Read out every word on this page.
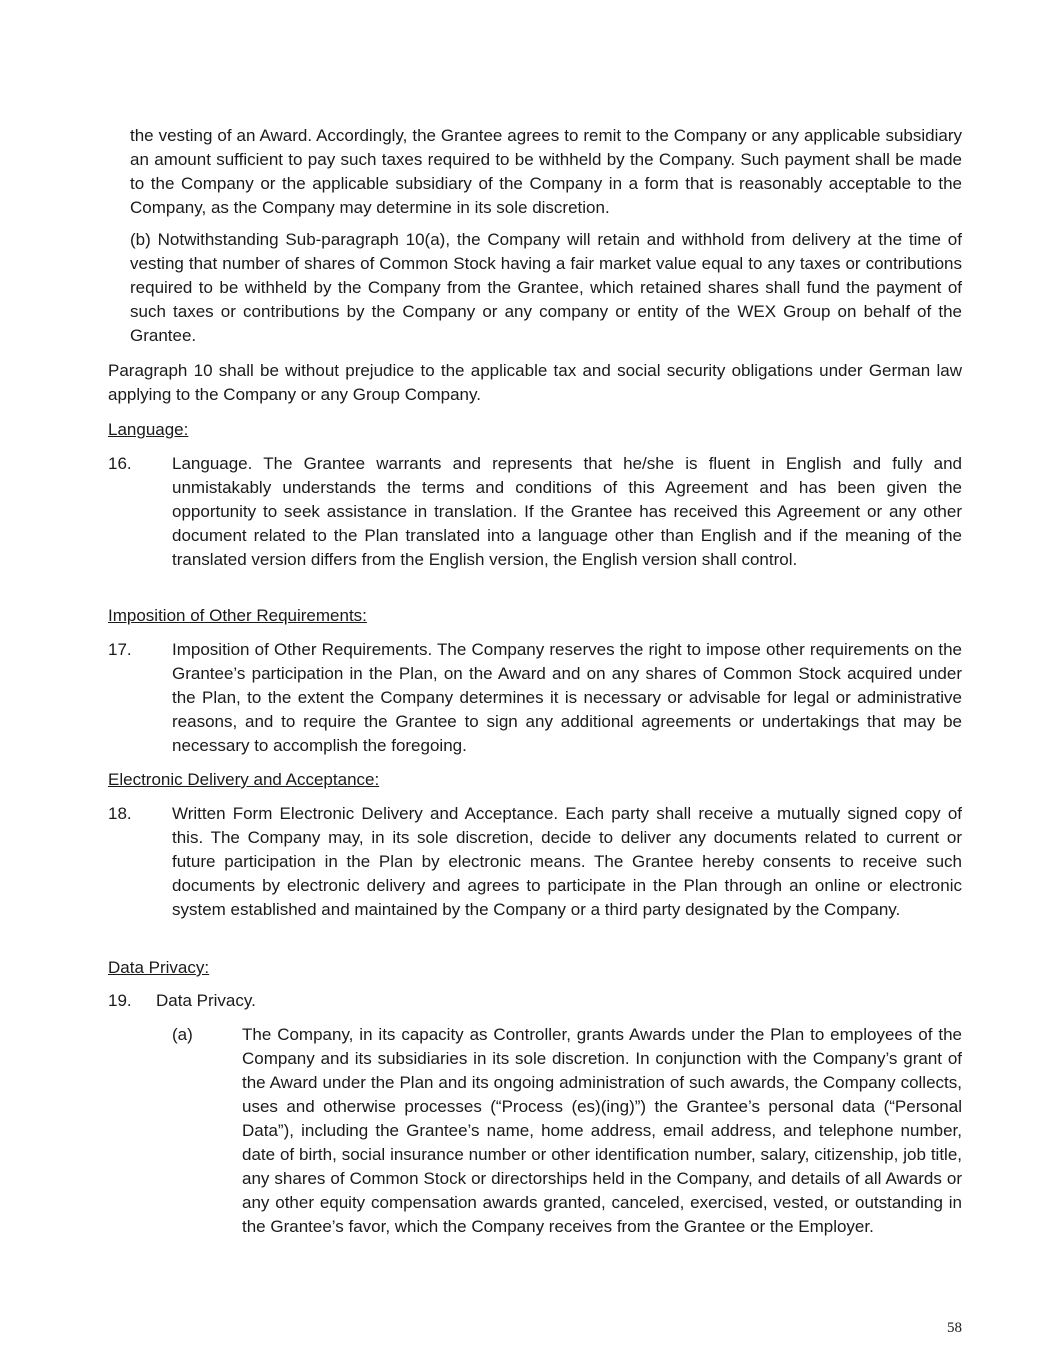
the vesting of an Award. Accordingly, the Grantee agrees to remit to the Company or any applicable subsidiary an amount sufficient to pay such taxes required to be withheld by the Company. Such payment shall be made to the Company or the applicable subsidiary of the Company in a form that is reasonably acceptable to the Company, as the Company may determine in its sole discretion.

(b) Notwithstanding Sub-paragraph 10(a), the Company will retain and withhold from delivery at the time of vesting that number of shares of Common Stock having a fair market value equal to any taxes or contributions required to be withheld by the Company from the Grantee, which retained shares shall fund the payment of such taxes or contributions by the Company or any company or entity of the WEX Group on behalf of the Grantee.

Paragraph 10 shall be without prejudice to the applicable tax and social security obligations under German law applying to the Company or any Group Company.

Language:

16. Language. The Grantee warrants and represents that he/she is fluent in English and fully and unmistakably understands the terms and conditions of this Agreement and has been given the opportunity to seek assistance in translation. If the Grantee has received this Agreement or any other document related to the Plan translated into a language other than English and if the meaning of the translated version differs from the English version, the English version shall control.

Imposition of Other Requirements:

17. Imposition of Other Requirements. The Company reserves the right to impose other requirements on the Grantee’s participation in the Plan, on the Award and on any shares of Common Stock acquired under the Plan, to the extent the Company determines it is necessary or advisable for legal or administrative reasons, and to require the Grantee to sign any additional agreements or undertakings that may be necessary to accomplish the foregoing.

Electronic Delivery and Acceptance:

18. Written Form Electronic Delivery and Acceptance. Each party shall receive a mutually signed copy of this. The Company may, in its sole discretion, decide to deliver any documents related to current or future participation in the Plan by electronic means. The Grantee hereby consents to receive such documents by electronic delivery and agrees to participate in the Plan through an online or electronic system established and maintained by the Company or a third party designated by the Company.

Data Privacy:

19. Data Privacy.
(a)	The Company, in its capacity as Controller, grants Awards under the Plan to employees of the Company and its subsidiaries in its sole discretion. In conjunction with the Company’s grant of the Award under the Plan and its ongoing administration of such awards, the Company collects, uses and otherwise processes (“Process (es)(ing)”) the Grantee’s personal data (“Personal Data”), including the Grantee’s name, home address, email address, and telephone number, date of birth, social insurance number or other identification number, salary, citizenship, job title, any shares of Common Stock or directorships held in the Company, and details of all Awards or any other equity compensation awards granted, canceled, exercised, vested, or outstanding in the Grantee’s favor, which the Company receives from the Grantee or the Employer.
58
